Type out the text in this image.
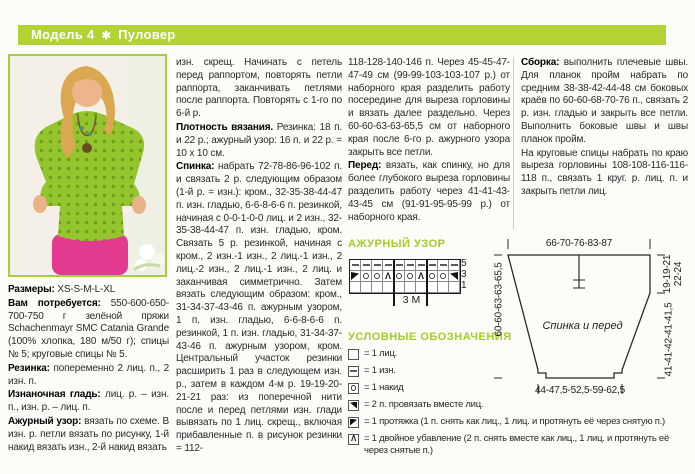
Модель 4 ✱ Пуловер

Размеры: XS-S-M-L-XL

Вам потребуется: 550-600-650-700-750 г зелёной пряжи Schachenmayr SMC Catania Grande (100% хлопка, 180 м/50 г); спицы № 5; круговые спицы № 5.

Резинка: попеременно 2 лиц. п., 2 изн. п.

Изнаночная гладь: лиц. р. – изн. п., изн. р. – лиц. п.

Ажурный узор: вязать по схеме. В изн. р. петли вязать по рисунку, 1-й накид вязать изн., 2-й накид вязать

изн. скрещ. Начинать с петель перед раппортом, повторять петли раппорта, заканчивать петлями после раппорта. Повторять с 1-го по 6-й р.

Плотность вязания. Резинка: 18 п. и 22 р.; ажурный узор: 16 п. и 22 р. = 10 х 10 см.

Спинка: набрать 72-78-86-96-102 п. и связать 2 р. следующим образом (1-й р. = изн.): кром., 32-35-38-44-47 п. изн. гладью, 6-6-8-6-6 п. резинкой, начиная с 0-0-1-0-0 лиц. и 2 изн., 32-35-38-44-47 п. изн. гладью, кром. Связать 5 р. резинкой, начиная с кром., 2 изн.-1 изн., 2 лиц.-1 изн., 2 лиц.-2 изн., 2 лиц.-1 изн., 2 лиц. и заканчивая симметрично. Затем вязать следующим образом: кром., 31-34-37-43-46 п. ажурным узором, 1 п. изн. гладью, 6-6-8-6-6 п. резинкой, 1 п. изн. гладью, 31-34-37-43-46 п. ажурным узором, кром. Центральный участок резинки расширить 1 раз в следующем изн. р., затем в каждом 4-м р. 19-19-20-21-21 раз: из поперечной нити после и перед петлями изн. глади вывязать по 1 лиц. скрещ., включая прибавленные п. в рисунок резинки = 112-

118-128-140-146 п. Через 45-45-47-47-49 см (99-99-103-103-107 р.) от наборного края разделить работу посередине для выреза горловины и вязать далее раздельно. Через 60-60-63-63-65,5 см от наборного края после 6-го р. ажурного узора закрыть все петли.

Перед: вязать, как спинку, но для более глубокого выреза горловины разделить работу через 41-41-43-43-45 см (91-91-95-95-99 р.) от наборного края.

Сборка: выполнить плечевые швы. Для планок пройм набрать по средним 38-38-42-44-48 см боковых краёв по 60-60-68-70-76 п., связать 2 р. изн. гладью и закрыть все петли. Выполнить боковые швы и швы планок пройм.

На круговые спицы набрать по краю выреза горловины 108-108-116-116-118 п., связать 1 круг. р. лиц. п. и закрыть петли лиц.

АЖУРНЫЙ УЗОР
Λ
Λ
3 M
5
3
1
УСЛОВНЫЕ ОБОЗНАЧЕНИЯ
= 1 лиц.
= 1 изн.
= 1 накид
= 2 п. провязать вместе лиц.
= 1 протяжка (1 п. снять как лиц., 1 лиц. и протянуть её через снятую п.)
Λ
= 1 двойное убавление (2 п. снять вместе как лиц., 1 лиц. и протянуть её через снятые п.)
66-70-76-83-87
60-60-63-63-65,5	19-19-21 22-24
41-41-42-41-41,5
44-47,5-52,5-59-62,5
Спинка и перед
